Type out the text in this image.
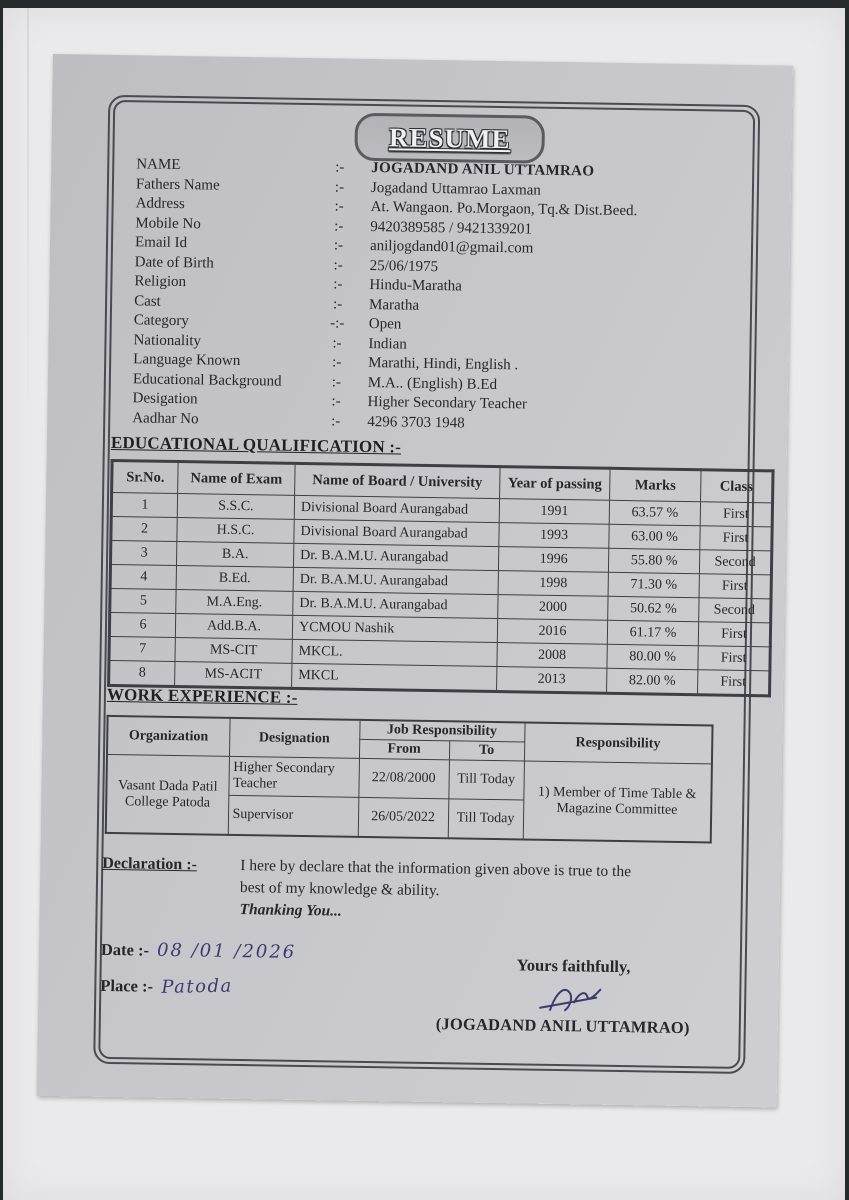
RESUME
NAME	:-	JOGADAND ANIL UTTAMRAO
Fathers Name	:-	Jogadand Uttamrao Laxman
Address	:-	At. Wangaon. Po.Morgaon, Tq.& Dist.Beed.
Mobile No	:-	9420389585 / 9421339201
Email Id	:-	aniljogdand01@gmail.com
Date of Birth	:-	25/06/1975
Religion	:-	Hindu-Maratha
Cast	:-	Maratha
Category	-:-	Open
Nationality	:-	Indian
Language Known	:-	Marathi, Hindi, English .
Educational Background	:-	M.A.. (English) B.Ed
Desigation	:-	Higher Secondary Teacher
Aadhar No	:-	4296 3703 1948
EDUCATIONAL QUALIFICATION :-
Sr.No.	Name of Exam	Name of Board / University	Year of passing	Marks	Class
1	S.S.C.	Divisional Board Aurangabad	1991	63.57 %	First
2	H.S.C.	Divisional Board Aurangabad	1993	63.00 %	First
3	B.A.	Dr. B.A.M.U. Aurangabad	1996	55.80 %	Second
4	B.Ed.	Dr. B.A.M.U. Aurangabad	1998	71.30 %	First
5	M.A.Eng.	Dr. B.A.M.U. Aurangabad	2000	50.62 %	Second
6	Add.B.A.	YCMOU Nashik	2016	61.17 %	First
7	MS-CIT	MKCL.	2008	80.00 %	First
8	MS-ACIT	MKCL	2013	82.00 %	First
WORK EXPERIENCE :-
Organization	Designation	Job Responsibility		Responsibility
		From	To	
Vasant Dada Patil College Patoda	Higher Secondary Teacher	22/08/2000	Till Today	1) Member of Time Table & Magazine Committee
	Supervisor	26/05/2022	Till Today	
Declaration :-	I here by declare that the information given above is true to the
best of my knowledge & ability.
Thanking You...
Date :- 08 /01 /2026
Place :- Patoda
Yours faithfully,
(JOGADAND ANIL UTTAMRAO)
